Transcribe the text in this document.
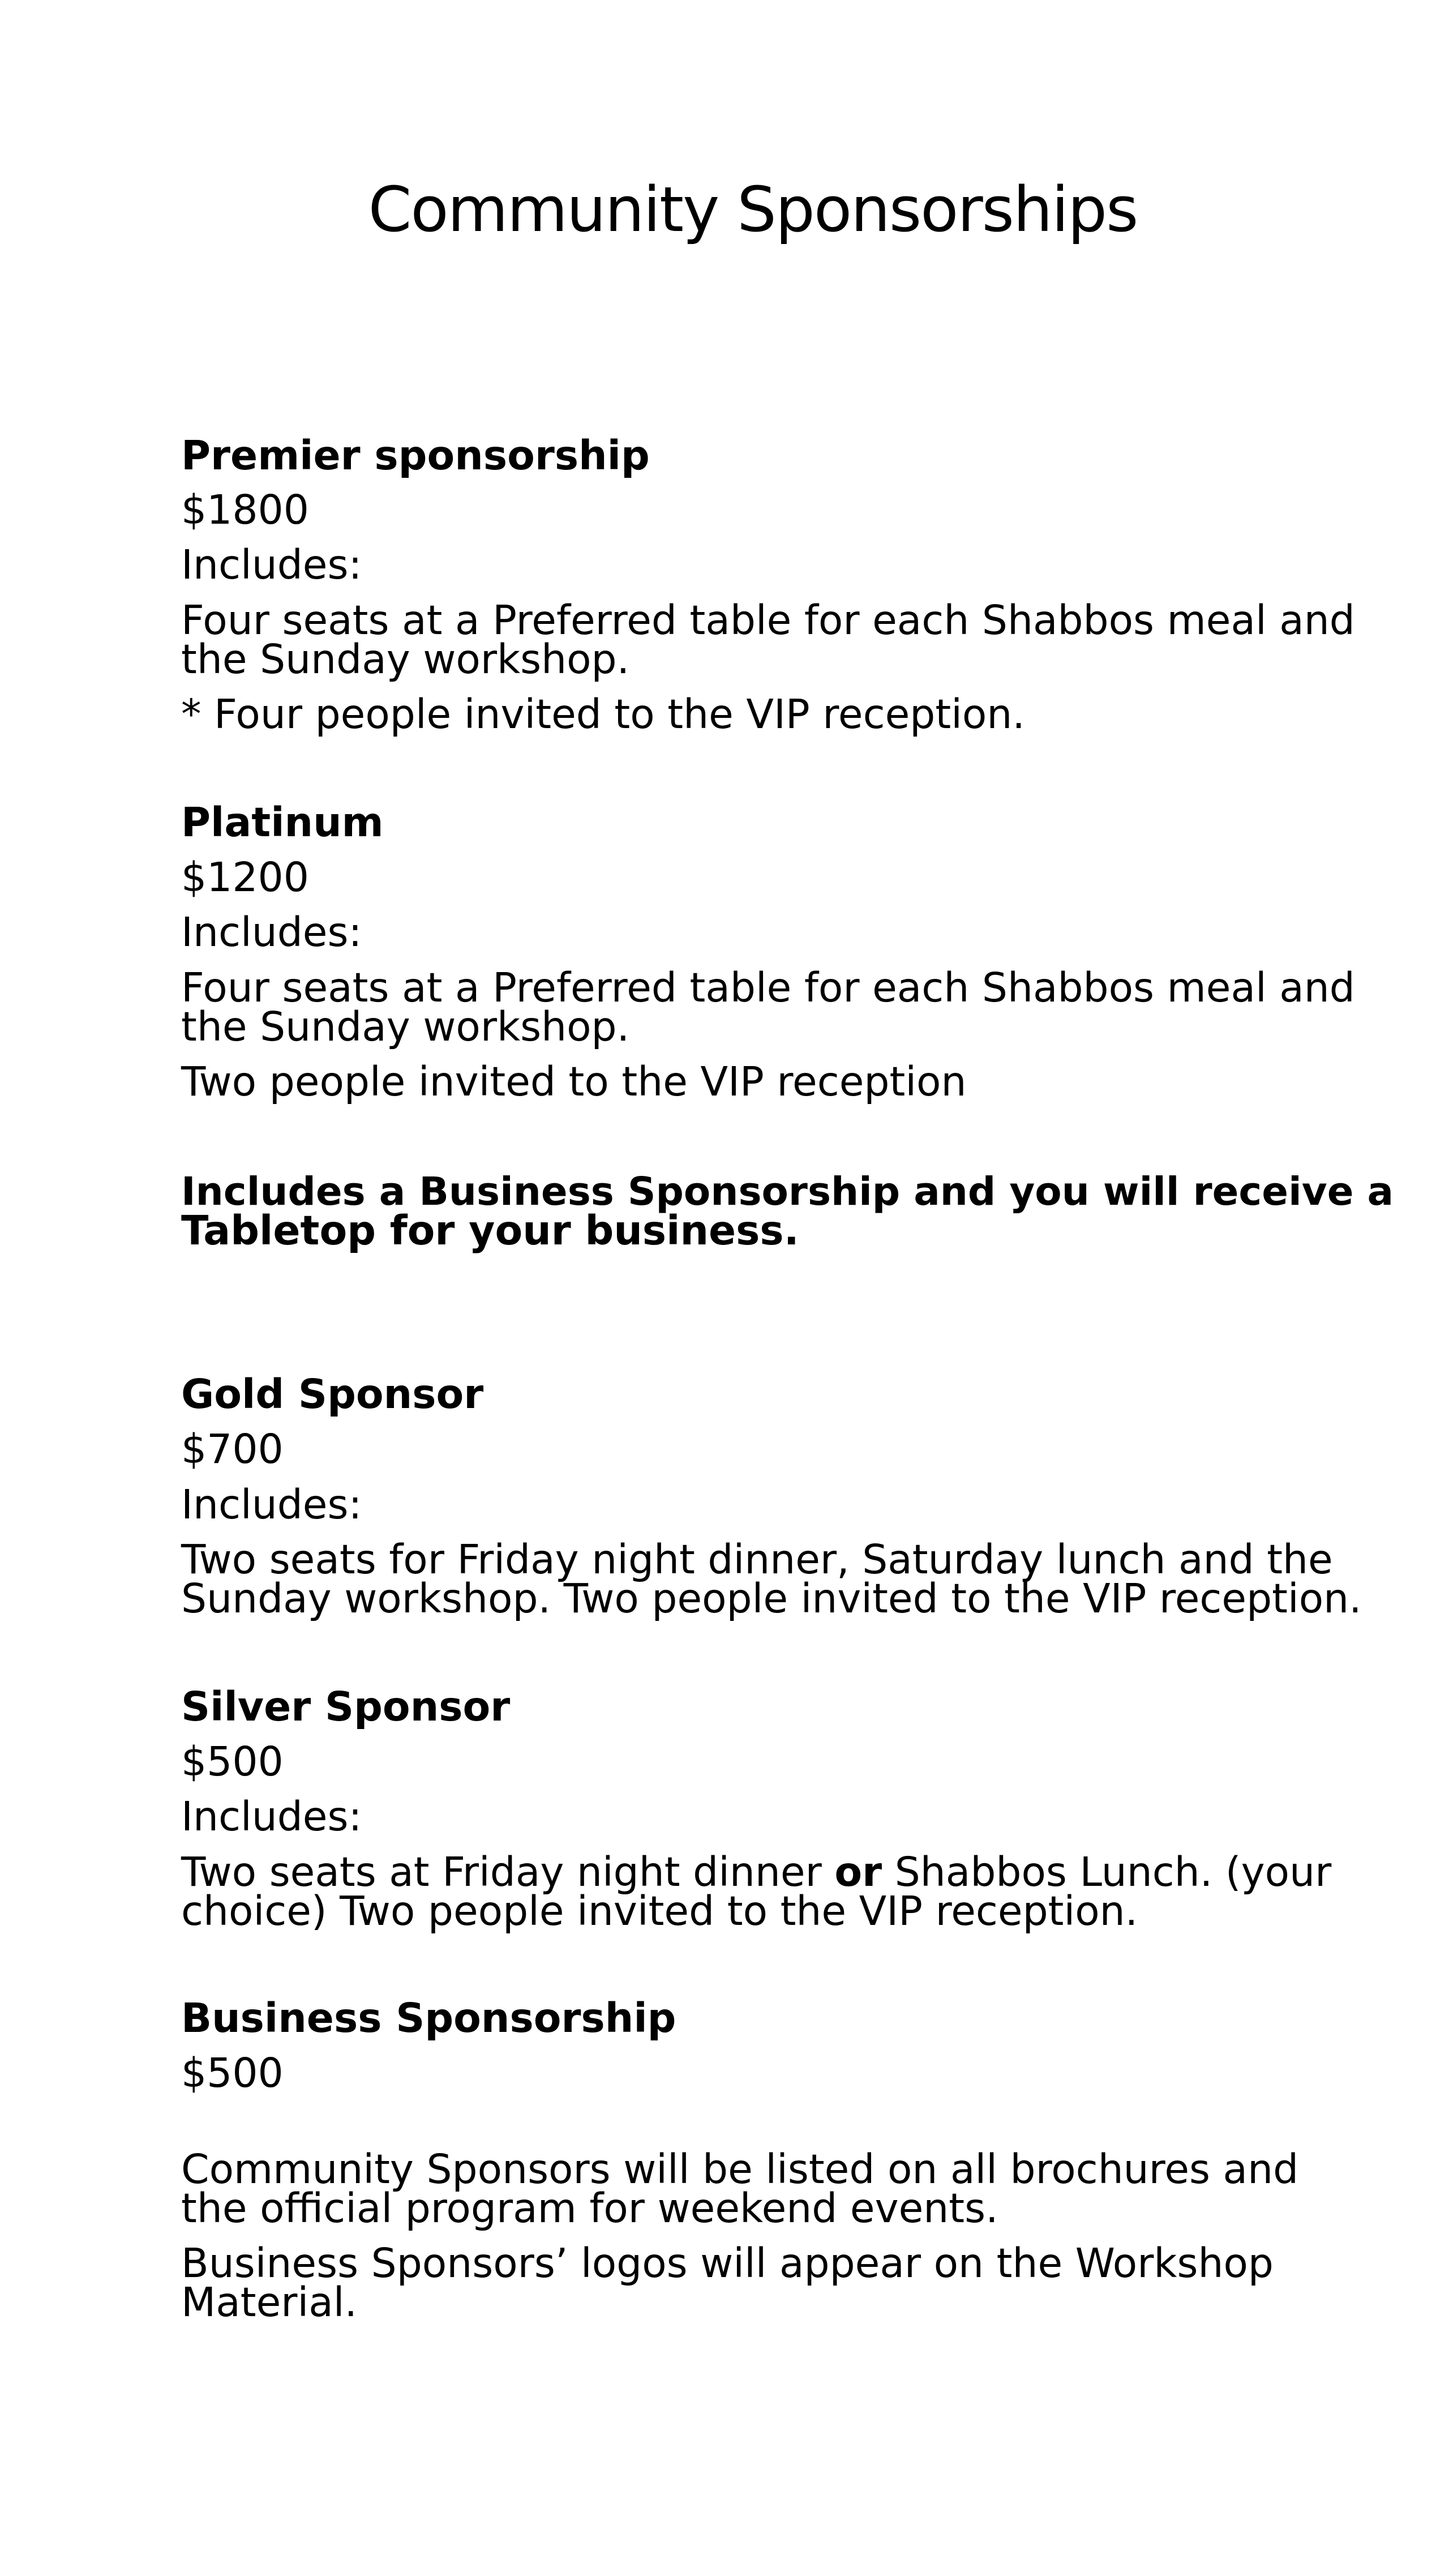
Community Sponsorships
Premier sponsorship
$1800
Includes:
Four seats at a Preferred table for each Shabbos meal and
the Sunday workshop.
* Four people invited to the VIP reception.
Platinum
$1200
Includes:
Four seats at a Preferred table for each Shabbos meal and
the Sunday workshop.
Two people invited to the VIP reception
Includes a Business Sponsorship and you will receive a
Tabletop for your business.
Gold Sponsor
$700
Includes:
Two seats for Friday night dinner, Saturday lunch and the
Sunday workshop. Two people invited to the VIP reception.
Silver Sponsor
$500
Includes:
Two seats at Friday night dinner or Shabbos Lunch. (your
choice) Two people invited to the VIP reception.
Business Sponsorship
$500
Community Sponsors will be listed on all brochures and
the official program for weekend events.
Business Sponsors’ logos will appear on the Workshop
Material.
